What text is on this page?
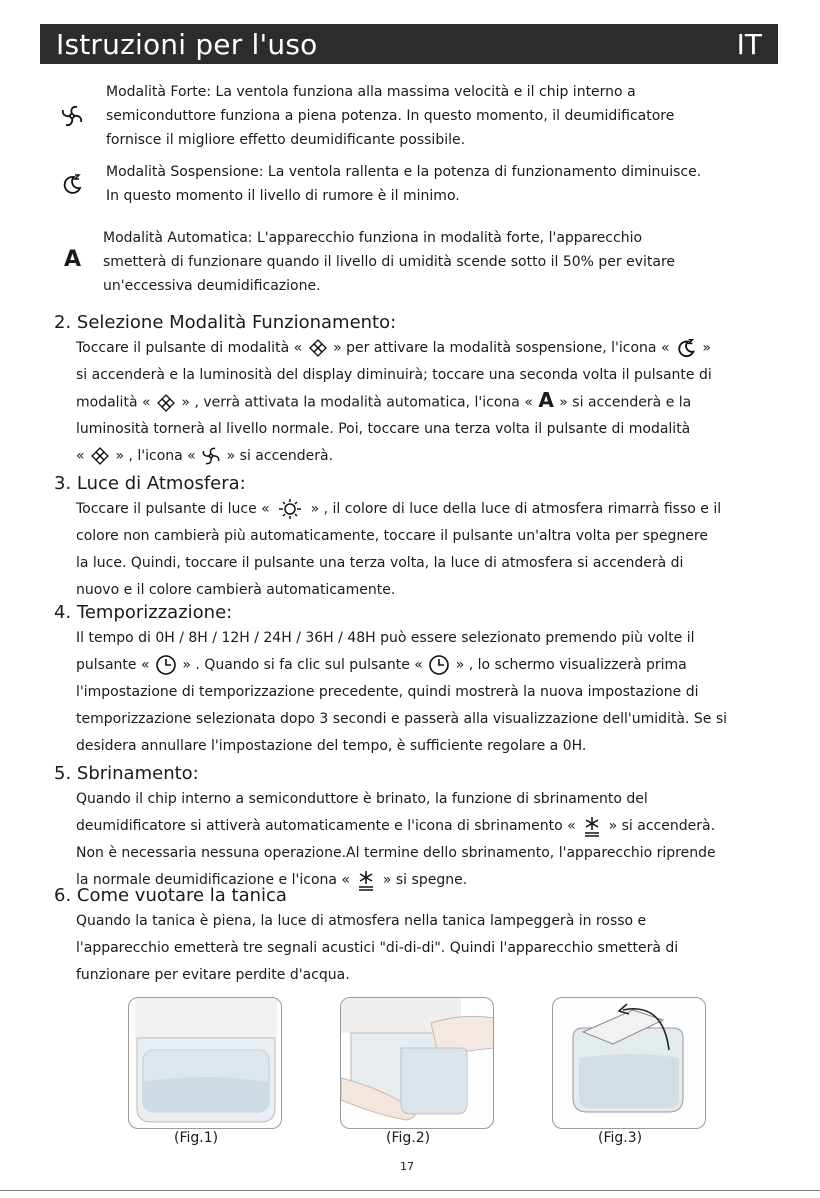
Istruzioni per l'uso	IT
Modalità Forte: La ventola funziona alla massima velocità e il chip interno a
semiconduttore funziona a piena potenza. In questo momento, il deumidificatore
fornisce il migliore effetto deumidificante possibile.
Modalità Sospensione: La ventola rallenta e la potenza di funzionamento diminuisce.
In questo momento il livello di rumore è il minimo.
A
Modalità Automatica: L'apparecchio funziona in modalità forte, l'apparecchio
smetterà di funzionare quando il livello di umidità scende sotto il 50% per evitare
un'eccessiva deumidificazione.
2. Selezione Modalità Funzionamento:
Toccare il pulsante di modalità «
» per attivare la modalità sospensione, l'icona «
»
si accenderà e la luminosità del display diminuirà; toccare una seconda volta il pulsante di
modalità «
» , verrà attivata la modalità automatica, l'icona « A » si accenderà e la
luminosità tornerà al livello normale. Poi, toccare una terza volta il pulsante di modalità
«
» , l'icona «
» si accenderà.
3. Luce di Atmosfera:
Toccare il pulsante di luce «
» , il colore di luce della luce di atmosfera rimarrà fisso e il
colore non cambierà più automaticamente, toccare il pulsante un'altra volta per spegnere
la luce. Quindi, toccare il pulsante una terza volta, la luce di atmosfera si accenderà di
nuovo e il colore cambierà automaticamente.
4. Temporizzazione:
Il tempo di 0H / 8H / 12H / 24H / 36H / 48H può essere selezionato premendo più volte il
pulsante «
» . Quando si fa clic sul pulsante «
» , lo schermo visualizzerà prima
l'impostazione di temporizzazione precedente, quindi mostrerà la nuova impostazione di
temporizzazione selezionata dopo 3 secondi e passerà alla visualizzazione dell'umidità. Se si
desidera annullare l'impostazione del tempo, è sufficiente regolare a 0H.
5. Sbrinamento:
Quando il chip interno a semiconduttore è brinato, la funzione di sbrinamento del
deumidificatore si attiverà automaticamente e l'icona di sbrinamento «
» si accenderà.
Non è necessaria nessuna operazione.Al termine dello sbrinamento, l'apparecchio riprende
la normale deumidificazione e l'icona «
» si spegne.
6. Come vuotare la tanica
Quando la tanica è piena, la luce di atmosfera nella tanica lampeggerà in rosso e
l'apparecchio emetterà tre segnali acustici "di-di-di". Quindi l'apparecchio smetterà di
funzionare per evitare perdite d'acqua.
(Fig.1)	(Fig.2)	(Fig.3)
17
